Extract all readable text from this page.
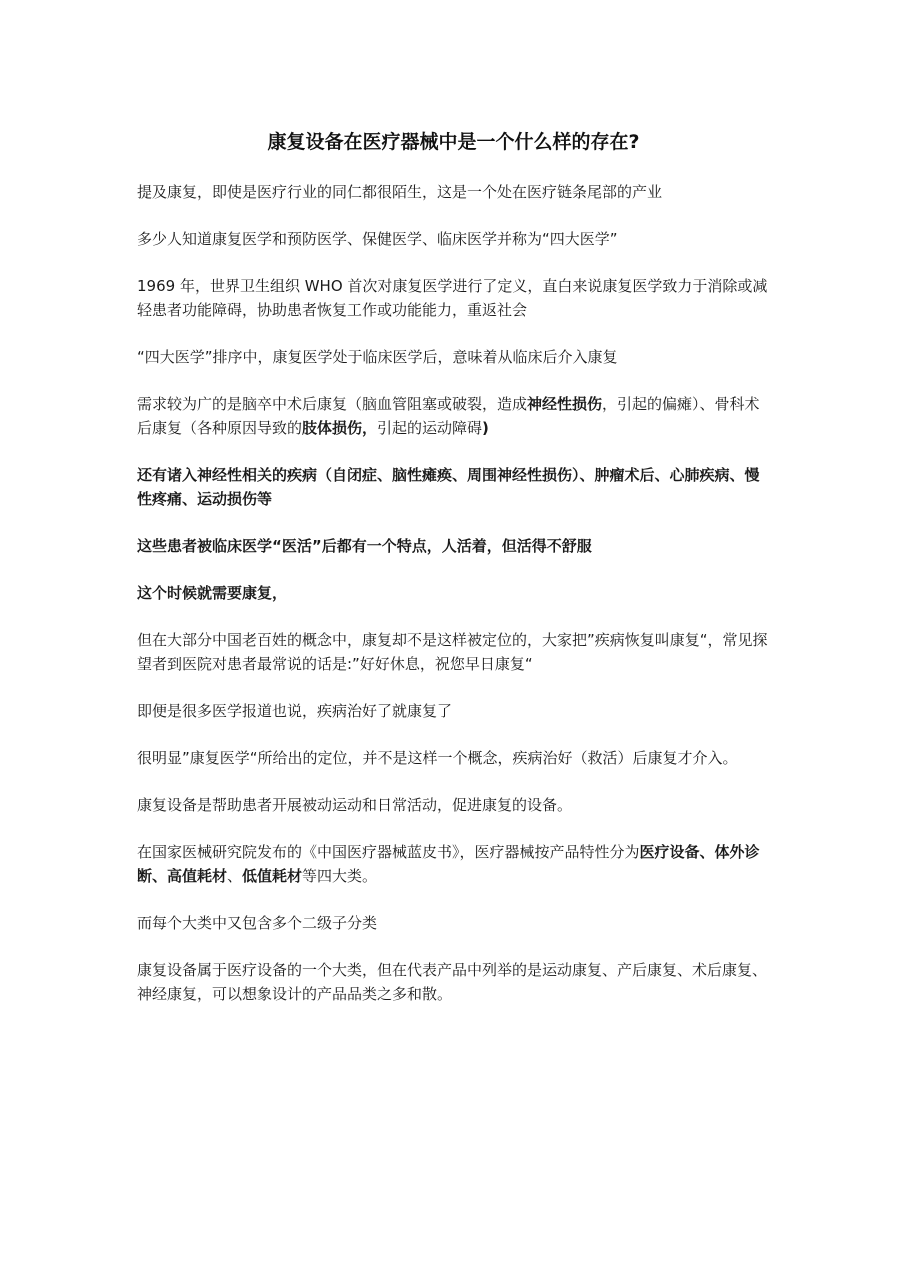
康复设备在医疗器械中是一个什么样的存在?

提及康复，即使是医疗行业的同仁都很陌生，这是一个处在医疗链条尾部的产业

多少人知道康复医学和预防医学、保健医学、临床医学并称为“四大医学”

1969 年，世界卫生组织 WHO 首次对康复医学进行了定义，直白来说康复医学致力于消除或减轻患者功能障碍，协助患者恢复工作或功能能力，重返社会

“四大医学”排序中，康复医学处于临床医学后，意味着从临床后介入康复

需求较为广的是脑卒中术后康复（脑血管阻塞或破裂，造成神经性损伤，引起的偏瘫）、骨科术后康复（各种原因导致的肢体损伤，引起的运动障碍)

还有诸入神经性相关的疾病（自闭症、脑性瘫痪、周围神经性损伤）、肿瘤术后、心肺疾病、慢性疼痛、运动损伤等

这些患者被临床医学“医活”后都有一个特点，人活着，但活得不舒服

这个时候就需要康复，

但在大部分中国老百姓的概念中，康复却不是这样被定位的，大家把”疾病恢复叫康复“，常见探望者到医院对患者最常说的话是:”好好休息，祝您早日康复“

即便是很多医学报道也说，疾病治好了就康复了

很明显”康复医学“所给出的定位，并不是这样一个概念，疾病治好（救活）后康复才介入。

康复设备是帮助患者开展被动运动和日常活动，促进康复的设备。

在国家医械研究院发布的《中国医疗器械蓝皮书》，医疗器械按产品特性分为医疗设备、体外诊断、高值耗材、低值耗材等四大类。

而每个大类中又包含多个二级子分类

康复设备属于医疗设备的一个大类，但在代表产品中列举的是运动康复、产后康复、术后康复、神经康复，可以想象设计的产品品类之多和散。
